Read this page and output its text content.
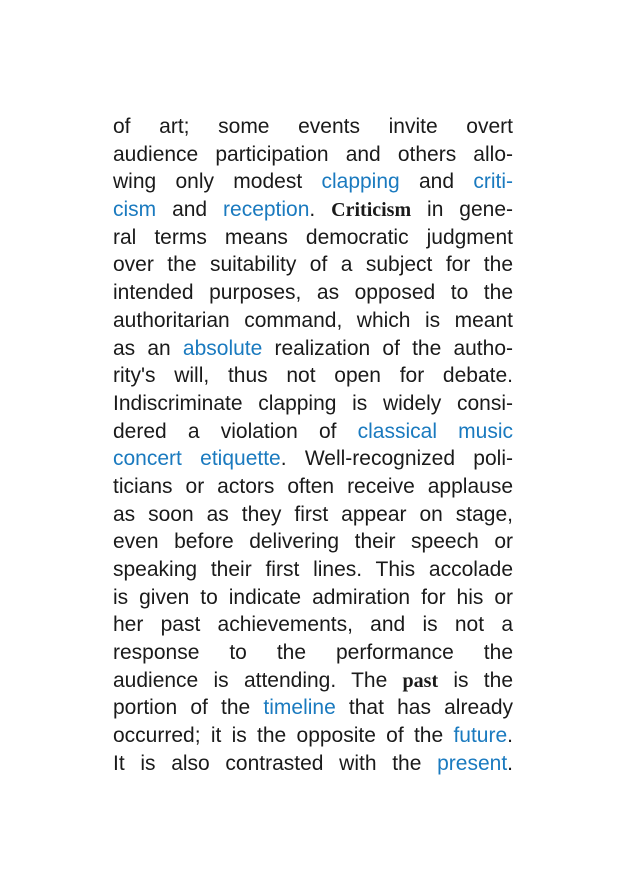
of art; some events invite overt
audience participation and others allo-
wing only modest clapping and criti-
cism and reception. Criticism in gene-
ral terms means democratic judgment
over the suitability of a subject for the
intended purposes, as opposed to the
authoritarian command, which is meant
as an absolute realization of the autho-
rity's will, thus not open for debate.
Indiscriminate clapping is widely consi-
dered a violation of classical music
concert etiquette. Well-recognized poli-
ticians or actors often receive applause
as soon as they first appear on stage,
even before delivering their speech or
speaking their first lines. This accolade
is given to indicate admiration for his or
her past achievements, and is not a
response to the performance the
audience is attending. The past is the
portion of the timeline that has already
occurred; it is the opposite of the future.
It is also contrasted with the present.
